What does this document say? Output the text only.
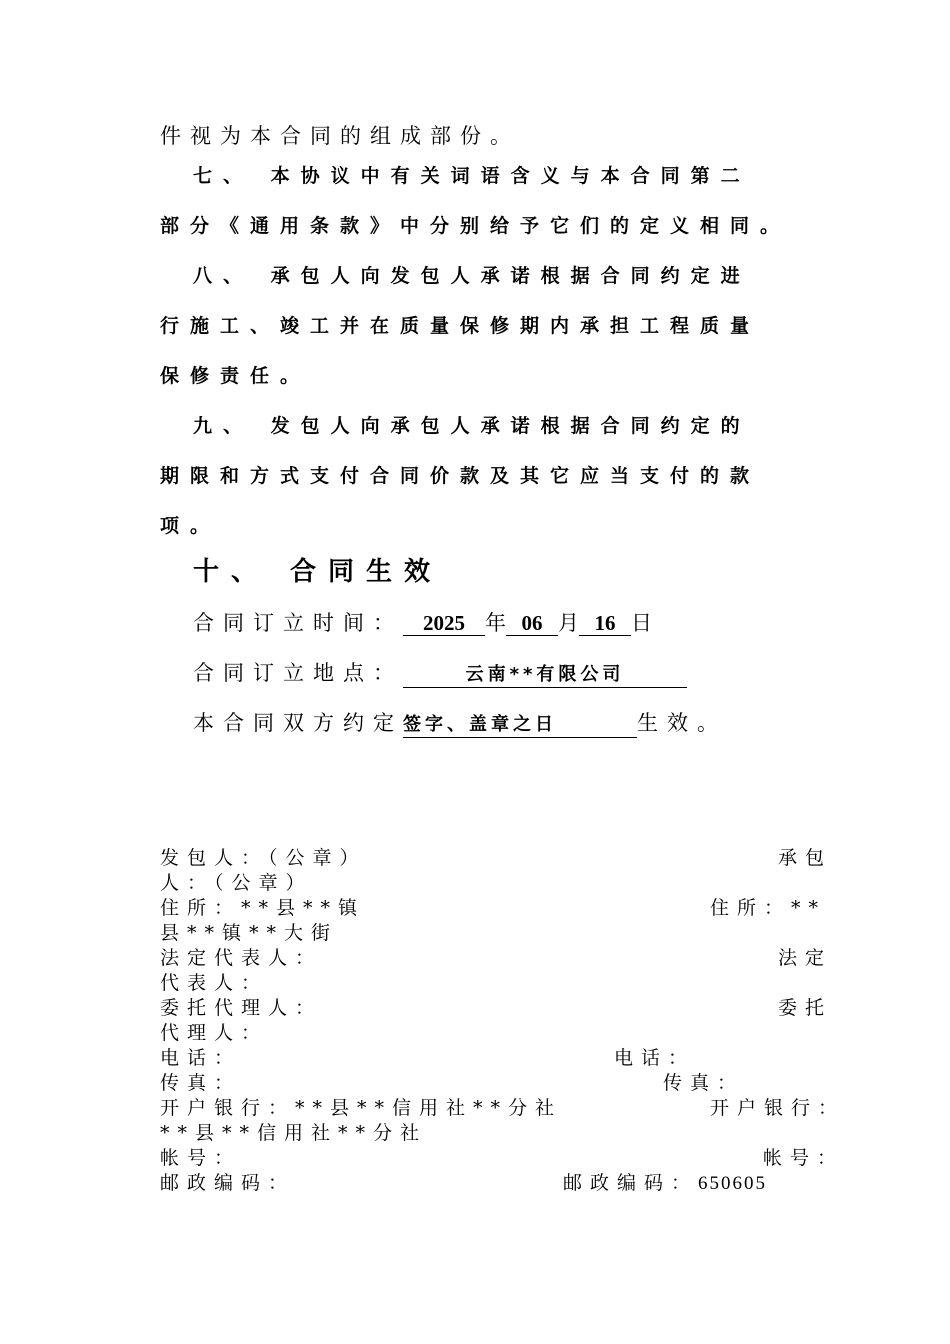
件视为本合同的组成部份。
七、 本协议中有关词语含义与本合同第二
部分《通用条款》中分别给予它们的定义相同。
八、 承包人向发包人承诺根据合同约定进
行施工、竣工并在质量保修期内承担工程质量
保修责任。
九、 发包人向承包人承诺根据合同约定的
期限和方式支付合同价款及其它应当支付的款
项。
十、 合同生效
合同订立时间： 2025 年 06 月 16 日
合同订立地点：	云南**有限公司
本合同双方约定签字、盖章之日	生效。
发包人：（公章）	承包
人：（公章）
住所：**县**镇	住所：**
县**镇**大街
法定代表人：	法定
代表人：
委托代理人：	委托
代理人：
电话：	电话：
传真：	传真：
开户银行：**县**信用社**分社	开户银行：
**县**信用社**分社
帐号：	帐号：
邮政编码：	邮政编码：650605
